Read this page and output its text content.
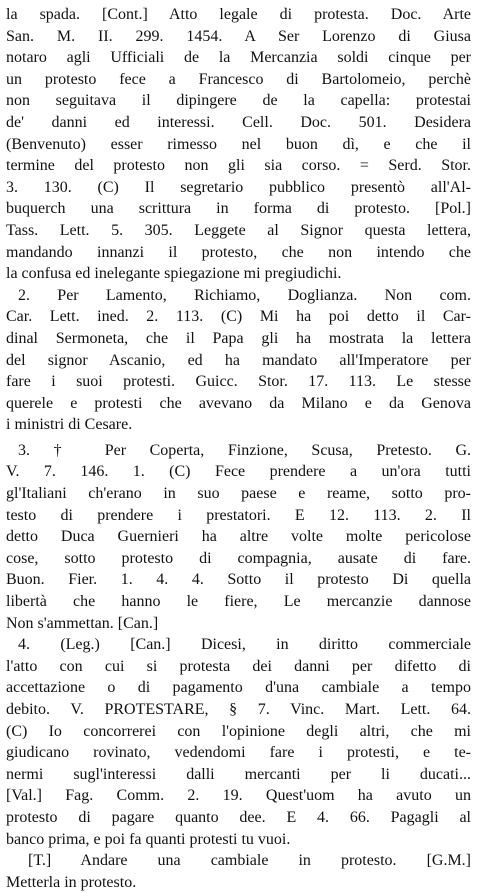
la spada. [Cont.] Atto legale di protesta. Doc. Arte
San. M. II. 299. 1454. A Ser Lorenzo di Giusa
notaro agli Ufficiali de la Mercanzia soldi cinque per
un protesto fece a Francesco di Bartolomeio, perchè
non seguitava il dipingere de la capella: protestai
de' danni ed interessi. Cell. Doc. 501. Desidera
(Benvenuto) esser rimesso nel buon dì, e che il
termine del protesto non gli sia corso. = Serd. Stor.
3. 130. (C) Il segretario pubblico presentò all'Al-
buquerch una scrittura in forma di protesto. [Pol.]
Tass. Lett. 5. 305. Leggete al Signor questa lettera,
mandando innanzi il protesto, che non intendo che
la confusa ed inelegante spiegazione mi pregiudichi.
2. Per Lamento, Richiamo, Doglianza. Non com.
Car. Lett. ined. 2. 113. (C) Mi ha poi detto il Car-
dinal Sermoneta, che il Papa gli ha mostrata la lettera
del signor Ascanio, ed ha mandato all'Imperatore per
fare i suoi protesti. Guicc. Stor. 17. 113. Le stesse
querele e protesti che avevano da Milano e da Genova
i ministri di Cesare.
3. † Per Coperta, Finzione, Scusa, Pretesto. G.
V. 7. 146. 1. (C) Fece prendere a un'ora tutti
gl'Italiani ch'erano in suo paese e reame, sotto pro-
testo di prendere i prestatori. E 12. 113. 2. Il
detto Duca Guernieri ha altre volte molte pericolose
cose, sotto protesto di compagnia, ausate di fare.
Buon. Fier. 1. 4. 4. Sotto il protesto Di quella
libertà che hanno le fiere, Le mercanzie dannose
Non s'ammettan. [Can.]
4. (Leg.) [Can.] Dicesi, in diritto commerciale
l'atto con cui si protesta dei danni per difetto di
accettazione o di pagamento d'una cambiale a tempo
debito. V. PROTESTARE, § 7. Vinc. Mart. Lett. 64.
(C) Io concorrerei con l'opinione degli altri, che mi
giudicano rovinato, vedendomi fare i protesti, e te-
nermi sugl'interessi dalli mercanti per li ducati...
[Val.] Fag. Comm. 2. 19. Quest'uom ha avuto un
protesto di pagare quanto dee. E 4. 66. Pagagli al
banco prima, e poi fa quanti protesti tu vuoi.
[T.] Andare una cambiale in protesto. [G.M.]
Metterla in protesto.
